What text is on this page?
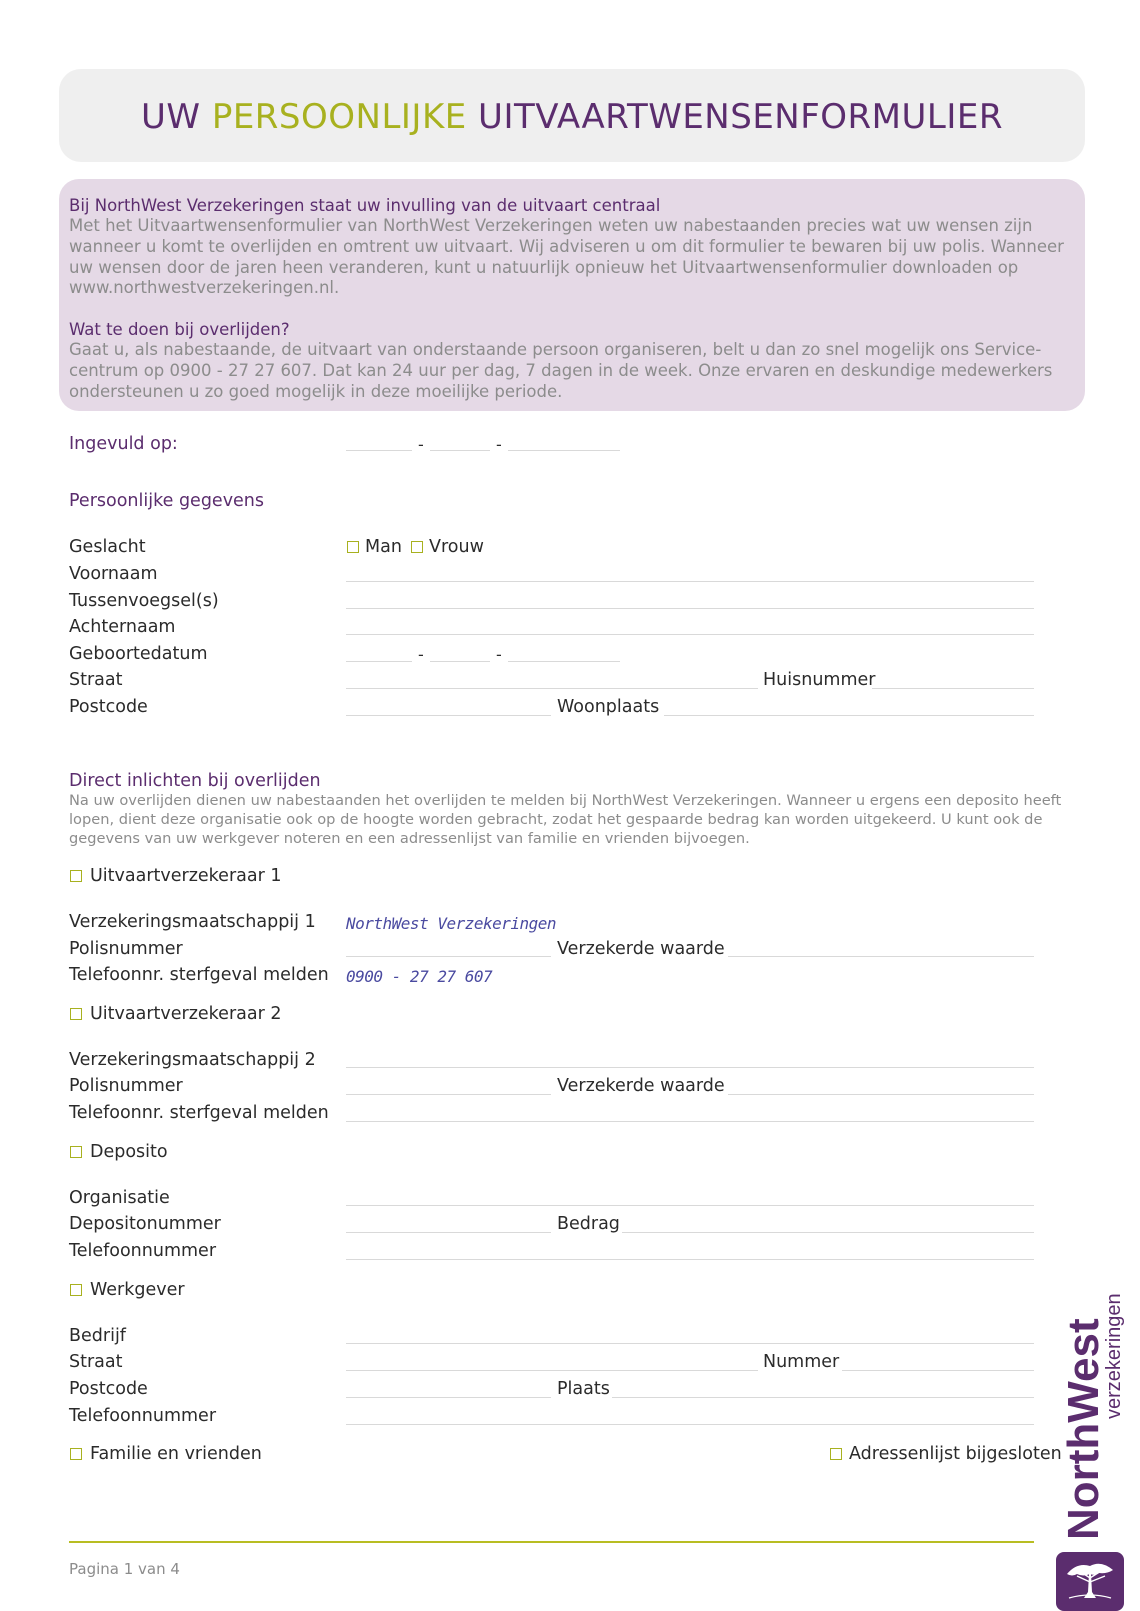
UW PERSOONLIJKE UITVAARTWENSENFORMULIER
Bij NorthWest Verzekeringen staat uw invulling van de uitvaart centraal
Met het Uitvaartwensenformulier van NorthWest Verzekeringen weten uw nabestaanden precies wat uw wensen zijn wanneer u komt te overlijden en omtrent uw uitvaart. Wij adviseren u om dit formulier te bewaren bij uw polis. Wanneer uw wensen door de jaren heen veranderen, kunt u natuurlijk opnieuw het Uitvaartwensenformulier downloaden op www.northwestverzekeringen.nl.
Wat te doen bij overlijden?
Gaat u, als nabestaande, de uitvaart van onderstaande persoon organiseren, belt u dan zo snel mogelijk ons Service-centrum op 0900 - 27 27 607. Dat kan 24 uur per dag, 7 dagen in de week. Onze ervaren en deskundige medewerkers ondersteunen u zo goed mogelijk in deze moeilijke periode.
Ingevuld op:	-	-
Persoonlijke gegevens
Geslacht	Man Vrouw
Voornaam
Tussenvoegsel(s)
Achternaam
Geboortedatum	-	-
Straat	Huisnummer
Postcode	Woonplaats
Direct inlichten bij overlijden
Na uw overlijden dienen uw nabestaanden het overlijden te melden bij NorthWest Verzekeringen. Wanneer u ergens een deposito heeft lopen, dient deze organisatie ook op de hoogte worden gebracht, zodat het gespaarde bedrag kan worden uitgekeerd. U kunt ook de gegevens van uw werkgever noteren en een adressenlijst van familie en vrienden bijvoegen.
Uitvaartverzekeraar 1
Verzekeringsmaatschappij 1 NorthWest Verzekeringen
Polisnummer	Verzekerde waarde
Telefoonnr. sterfgeval melden 0900 - 27 27 607
Uitvaartverzekeraar 2
Verzekeringsmaatschappij 2
Polisnummer	Verzekerde waarde
Telefoonnr. sterfgeval melden
Deposito
Organisatie
Depositonummer	Bedrag
Telefoonnummer
Werkgever
Bedrijf
Straat	Nummer
Postcode	Plaats
Telefoonnummer
Familie en vrienden	Adressenlijst bijgesloten
Pagina 1 van 4
NorthWest
verzekeringen
